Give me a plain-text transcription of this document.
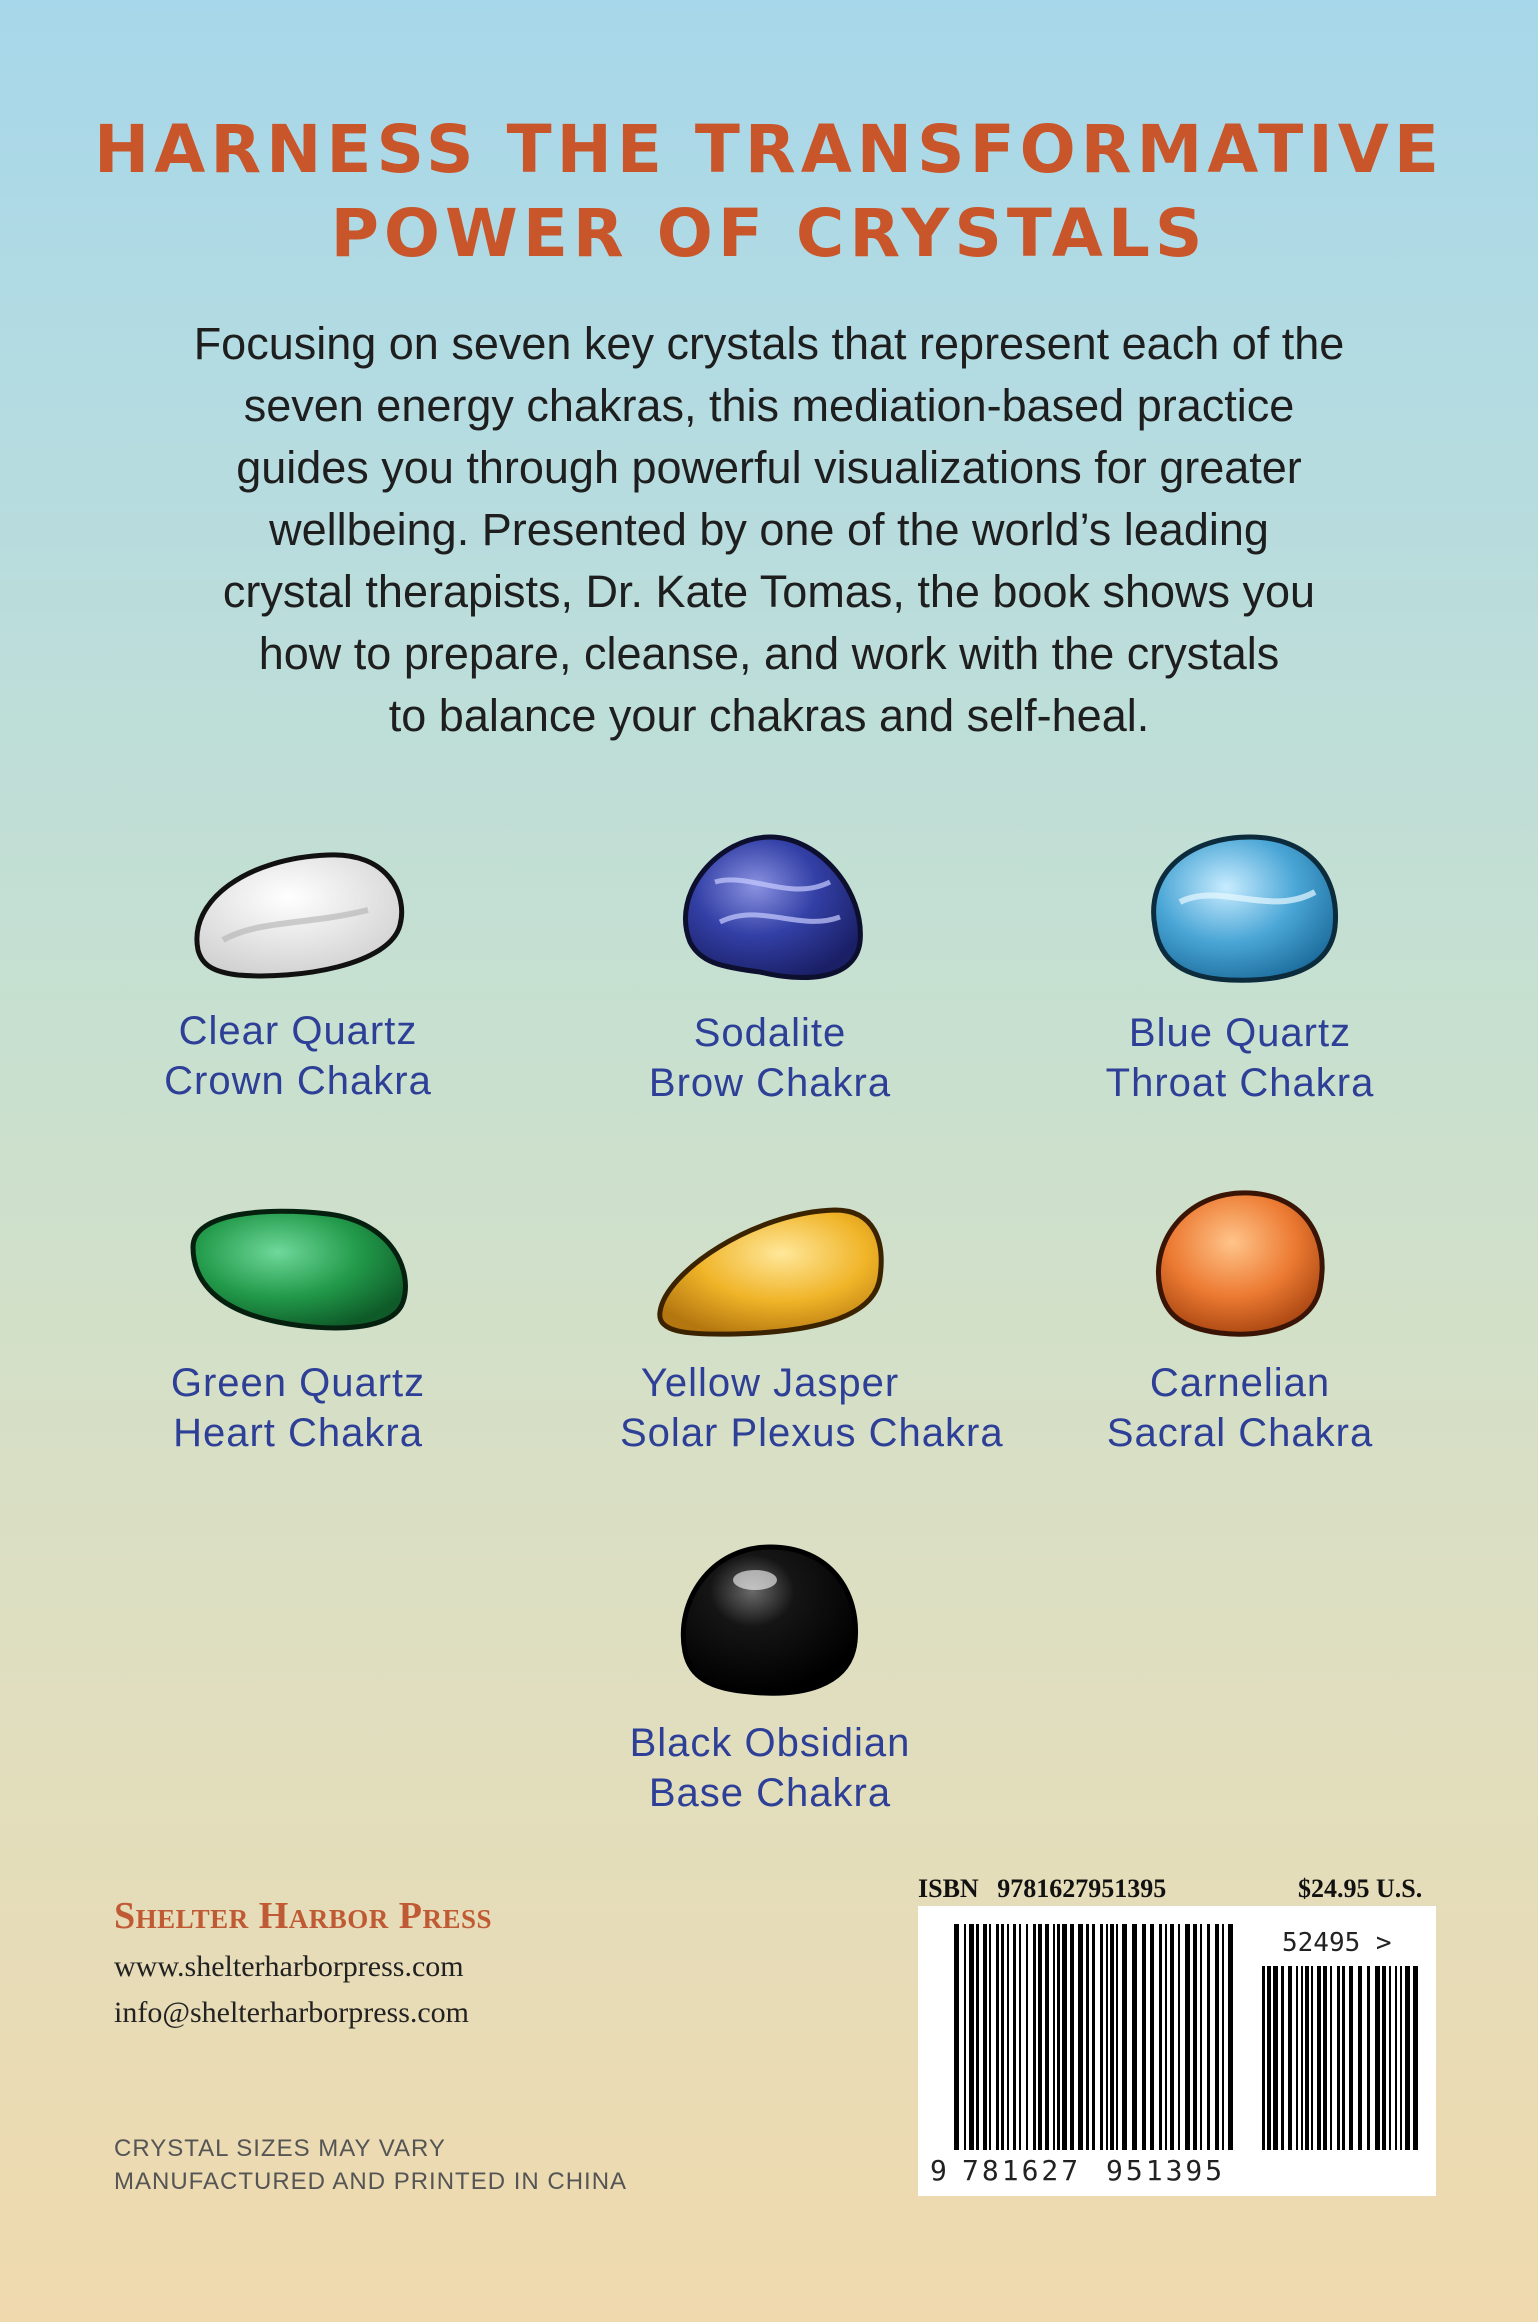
HARNESS THE TRANSFORMATIVE
POWER OF CRYSTALS
Focusing on seven key crystals that represent each of the
seven energy chakras, this mediation-based practice
guides you through powerful visualizations for greater
wellbeing. Presented by one of the world’s leading
crystal therapists, Dr. Kate Tomas, the book shows you
how to prepare, cleanse, and work with the crystals
to balance your chakras and self-heal.
Clear Quartz
Crown Chakra
Sodalite
Brow Chakra
Blue Quartz
Throat Chakra
Green Quartz
Heart Chakra
Yellow Jasper
Solar Plexus Chakra
Carnelian
Sacral Chakra
Black Obsidian
Base Chakra
Shelter Harbor Press
www.shelterharborpress.com
info@shelterharborpress.com
CRYSTAL SIZES MAY VARY
MANUFACTURED AND PRINTED IN CHINA
ISBN 9781627951395	$24.95 U.S.
52495 >
9 781627 951395
